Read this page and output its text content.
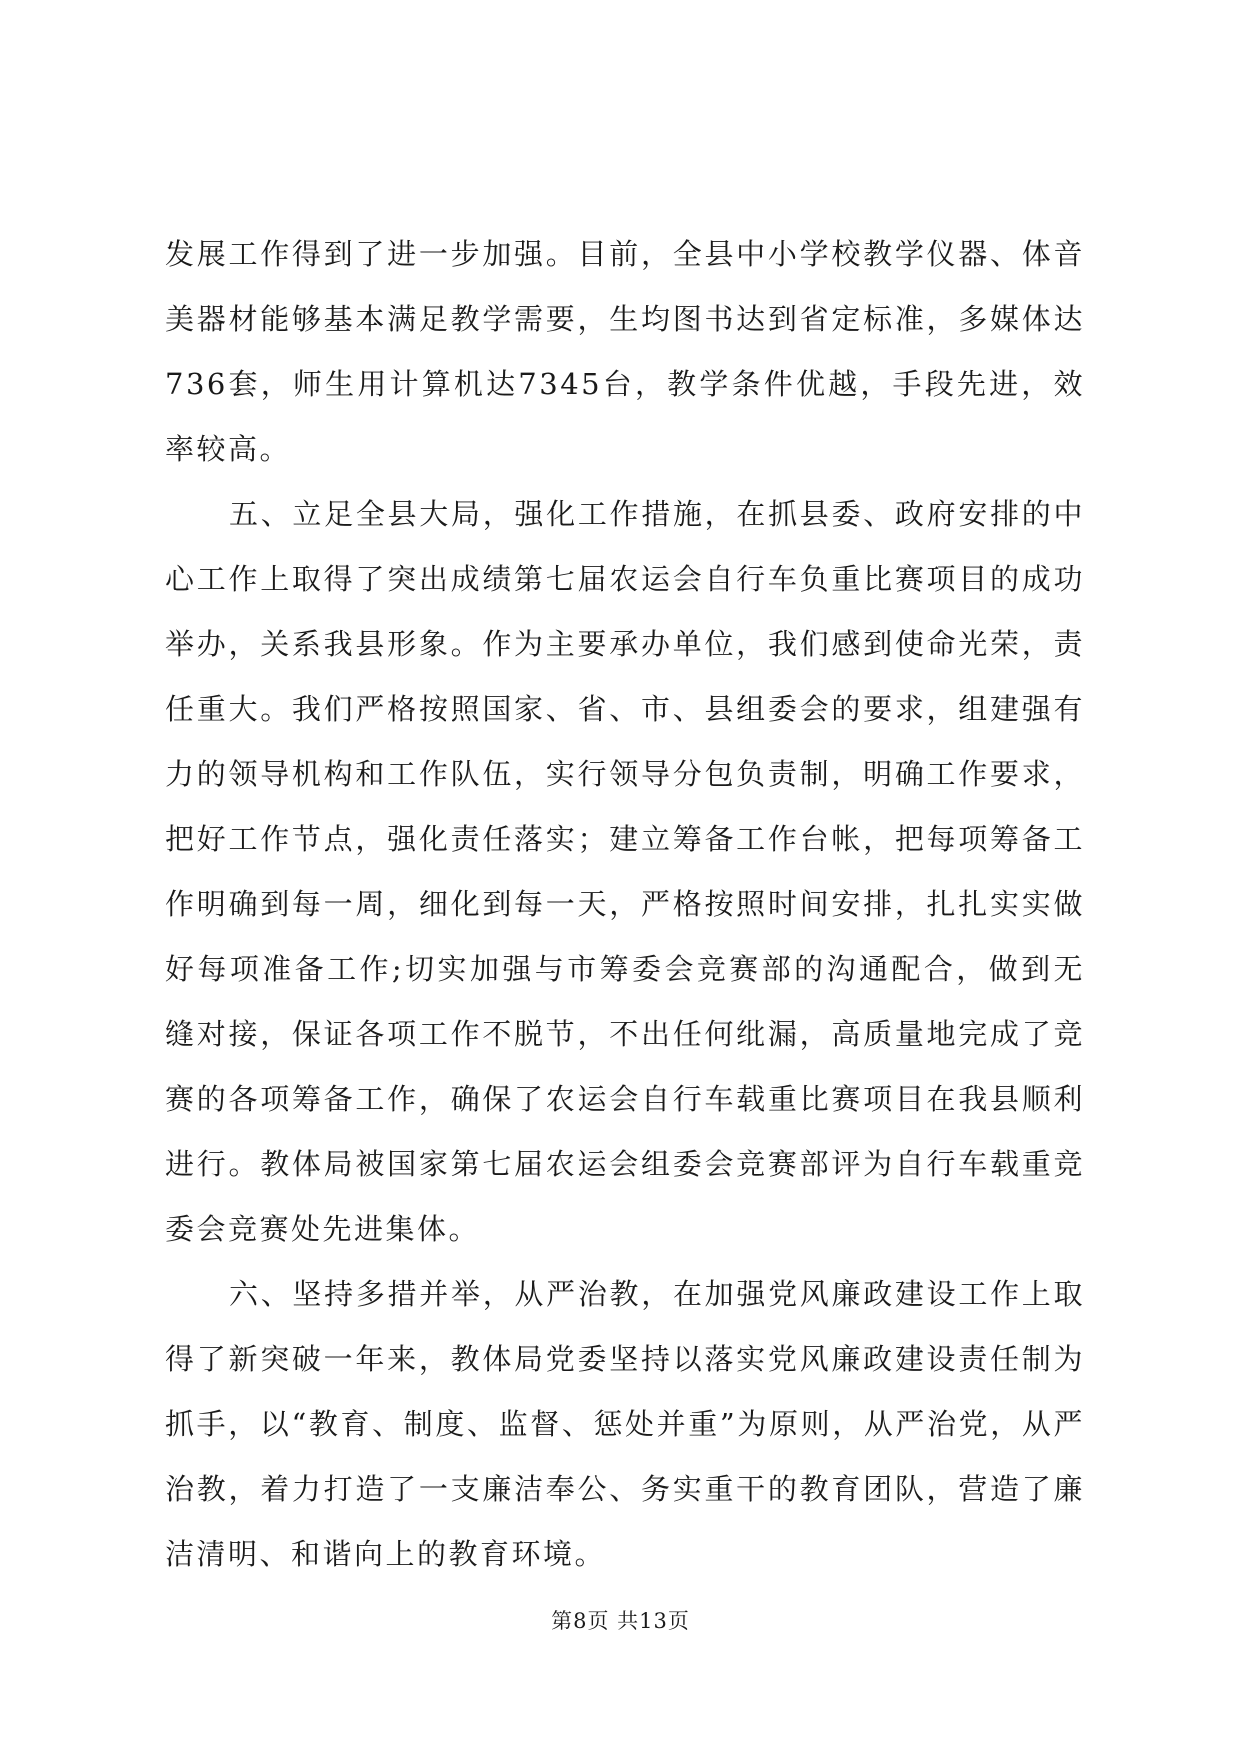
发展工作得到了进一步加强。目前，全县中小学校教学仪器、体音美器材能够基本满足教学需要，生均图书达到省定标准，多媒体达736套，师生用计算机达7345台，教学条件优越，手段先进，效率较高。

五、立足全县大局，强化工作措施，在抓县委、政府安排的中心工作上取得了突出成绩第七届农运会自行车负重比赛项目的成功举办，关系我县形象。作为主要承办单位，我们感到使命光荣，责任重大。我们严格按照国家、省、市、县组委会的要求，组建强有力的领导机构和工作队伍，实行领导分包负责制，明确工作要求，把好工作节点，强化责任落实；建立筹备工作台帐，把每项筹备工作明确到每一周，细化到每一天，严格按照时间安排，扎扎实实做好每项准备工作;切实加强与市筹委会竞赛部的沟通配合，做到无缝对接，保证各项工作不脱节，不出任何纰漏，高质量地完成了竞赛的各项筹备工作，确保了农运会自行车载重比赛项目在我县顺利进行。教体局被国家第七届农运会组委会竞赛部评为自行车载重竞委会竞赛处先进集体。

六、坚持多措并举，从严治教，在加强党风廉政建设工作上取得了新突破一年来，教体局党委坚持以落实党风廉政建设责任制为抓手，以“教育、制度、监督、惩处并重”为原则，从严治党，从严治教，着力打造了一支廉洁奉公、务实重干的教育团队，营造了廉洁清明、和谐向上的教育环境。

第8页 共13页
